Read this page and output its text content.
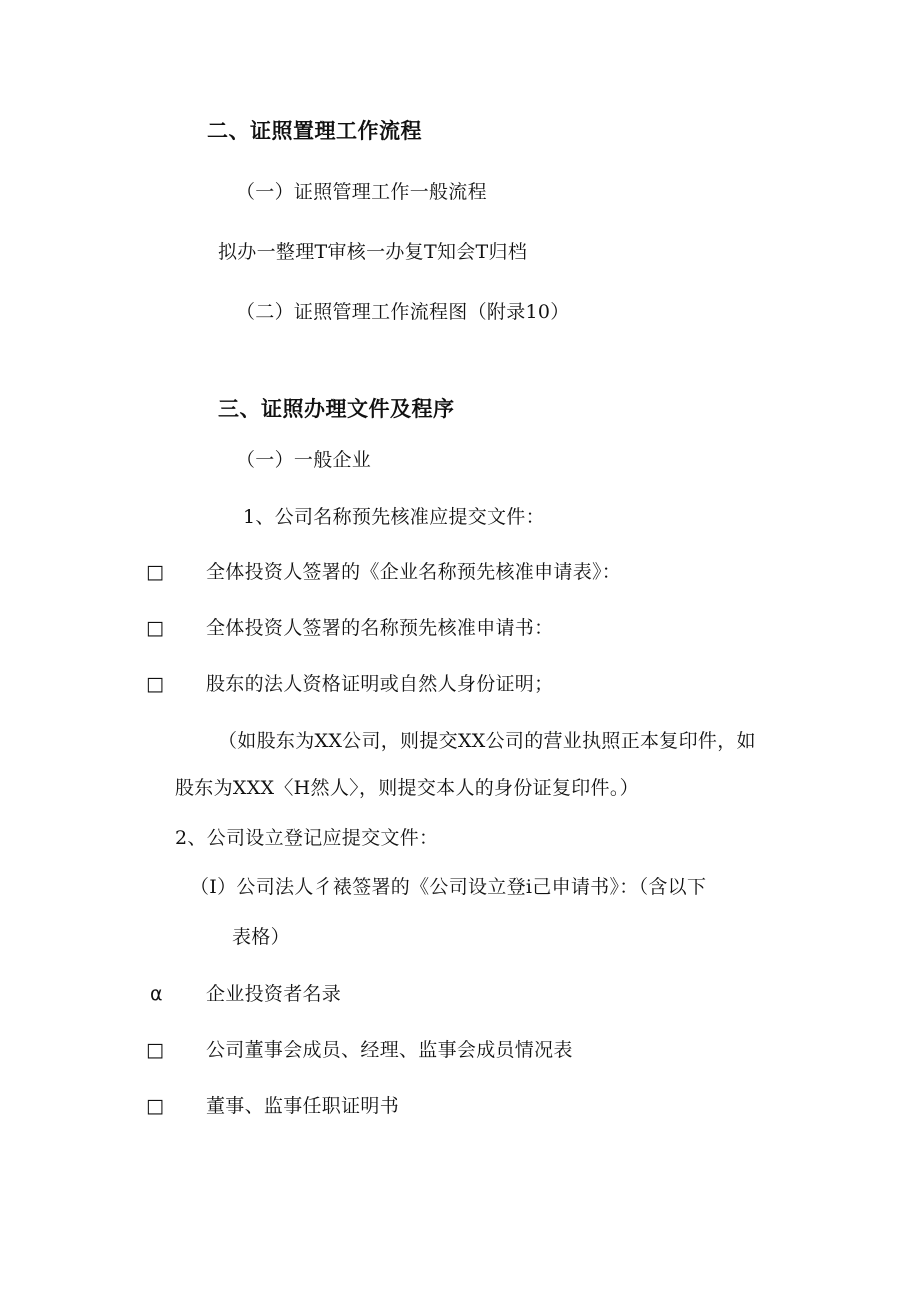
二、证照置理工作流程
（一）证照管理工作一般流程
拟办一整理T审核一办复T知会T归档
（二）证照管理工作流程图（附录10）
三、证照办理文件及程序
（一）一般企业
1、公司名称预先核准应提交文件：
□ 全体投资人签署的《企业名称预先核准申请表》：
□ 全体投资人签署的名称预先核准申请书：
□ 股东的法人资格证明或自然人身份证明；
（如股东为XX公司，则提交XX公司的营业执照正本复印件，如
股东为XXX〈H然人〉，则提交本人的身份证复印件。）
2、公司设立登记应提交文件：
（I）公司法人彳裱签署的《公司设立登i己申请书》：（含以下
表格）
α 企业投资者名录
□ 公司董事会成员、经理、监事会成员情况表
□ 董事、监事任职证明书
